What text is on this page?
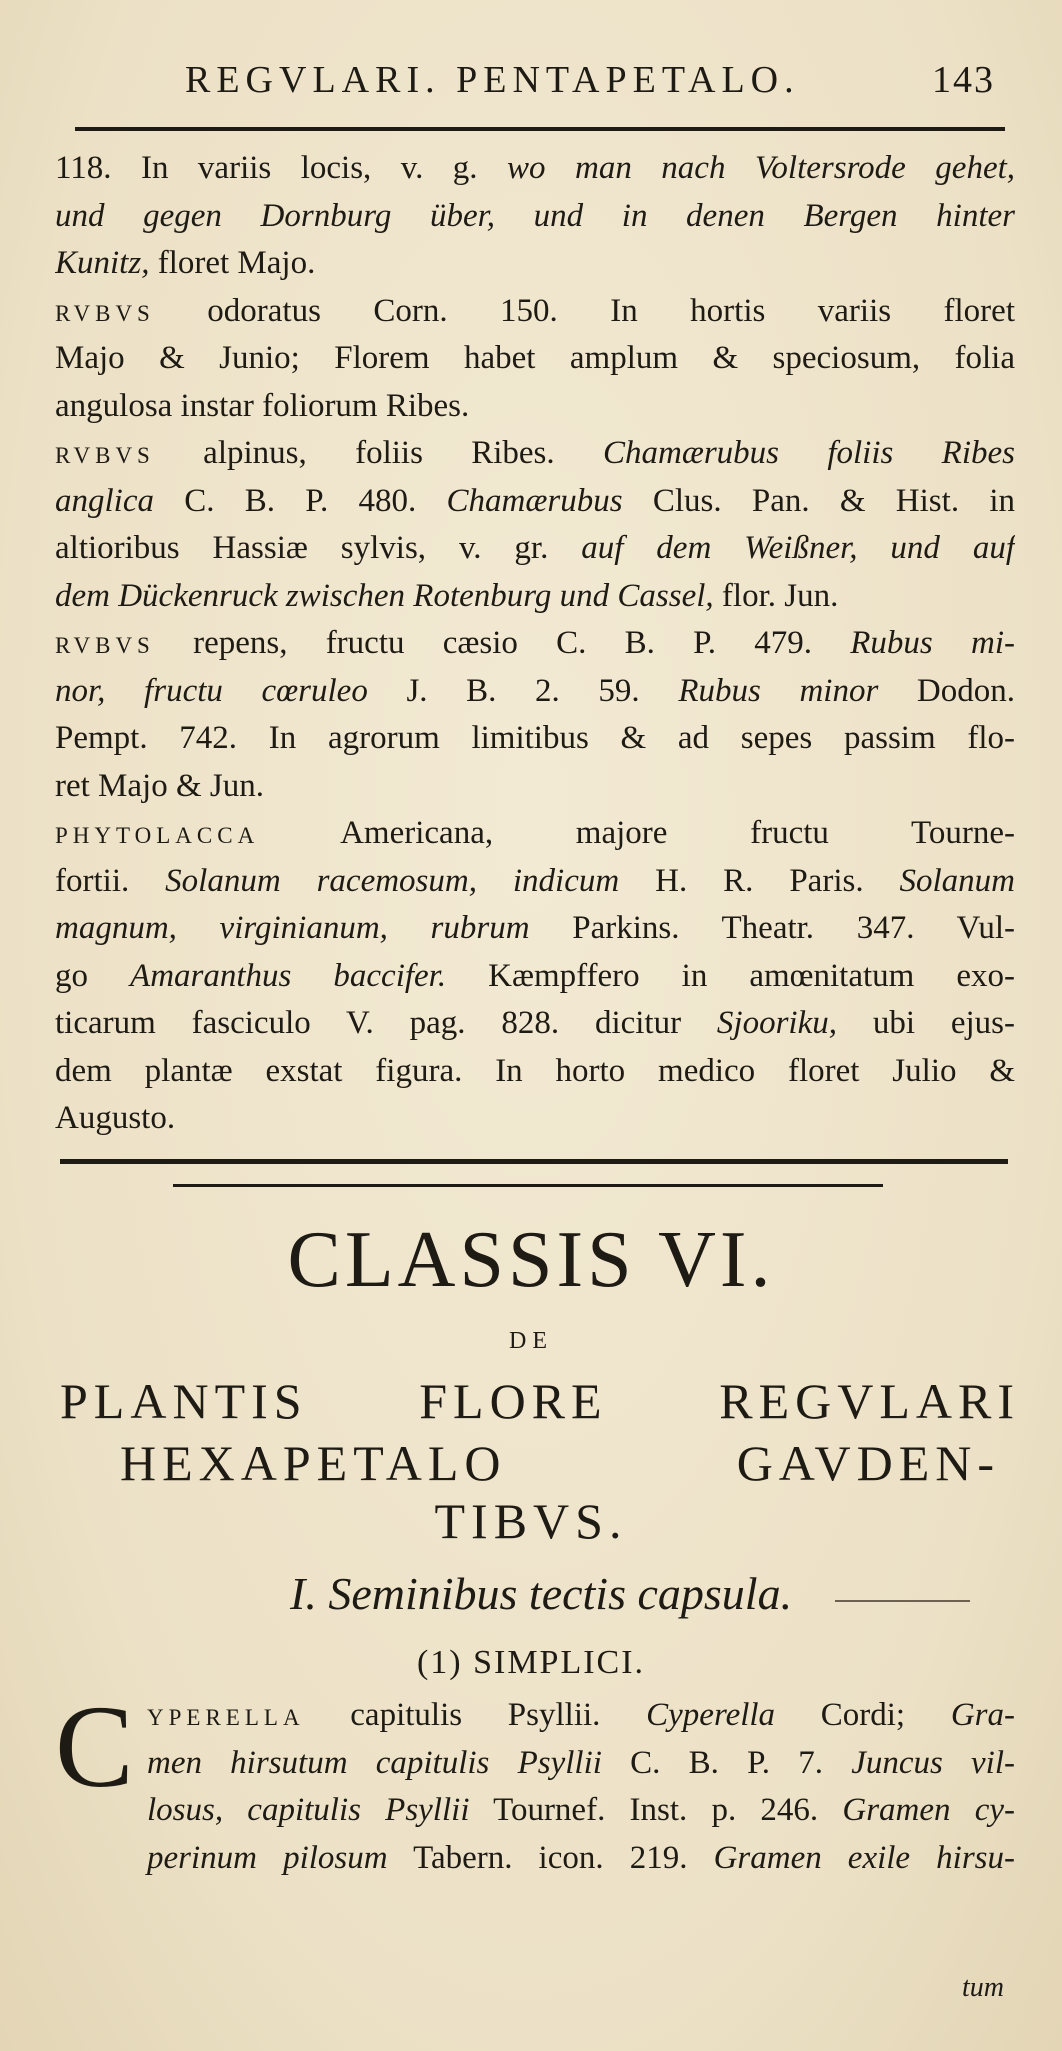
REGVLARI. PENTAPETALO.	143
118. In variis locis, v. g. wo man nach Voltersrode gehet,
und gegen Dornburg über, und in denen Bergen hinter
Kunitz, floret Majo.
RVBVS odoratus Corn. 150. In hortis variis floret
Majo & Junio; Florem habet amplum & speciosum, folia
angulosa instar foliorum Ribes.
RVBVS alpinus, foliis Ribes. Chamærubus foliis Ribes
anglica C. B. P. 480. Chamærubus Clus. Pan. & Hist. in
altioribus Hassiæ sylvis, v. gr. auf dem Weißner, und auf
dem Dückenruck zwischen Rotenburg und Cassel, flor. Jun.
RVBVS repens, fructu cæsio C. B. P. 479. Rubus mi-
nor, fructu cœruleo J. B. 2. 59. Rubus minor Dodon.
Pempt. 742. In agrorum limitibus & ad sepes passim flo-
ret Majo & Jun.
PHYTOLACCA Americana, majore fructu Tourne-
fortii. Solanum racemosum, indicum H. R. Paris. Solanum
magnum, virginianum, rubrum Parkins. Theatr. 347. Vul-
go Amaranthus baccifer. Kæmpffero in amœnitatum exo-
ticarum fasciculo V. pag. 828. dicitur Sjooriku, ubi ejus-
dem plantæ exstat figura. In horto medico floret Julio &
Augusto.
CLASSIS VI.
DE
PLANTIS FLORE REGVLARI
HEXAPETALO GAVDEN-
TIBVS.
I. Seminibus tectis capsula.
(1) SIMPLICI.
C YPERELLA capitulis Psyllii. Cyperella Cordi; Gra-
men hirsutum capitulis Psyllii C. B. P. 7. Juncus vil-
losus, capitulis Psyllii Tournef. Inst. p. 246. Gramen cy-
perinum pilosum Tabern. icon. 219. Gramen exile hirsu-
tum
